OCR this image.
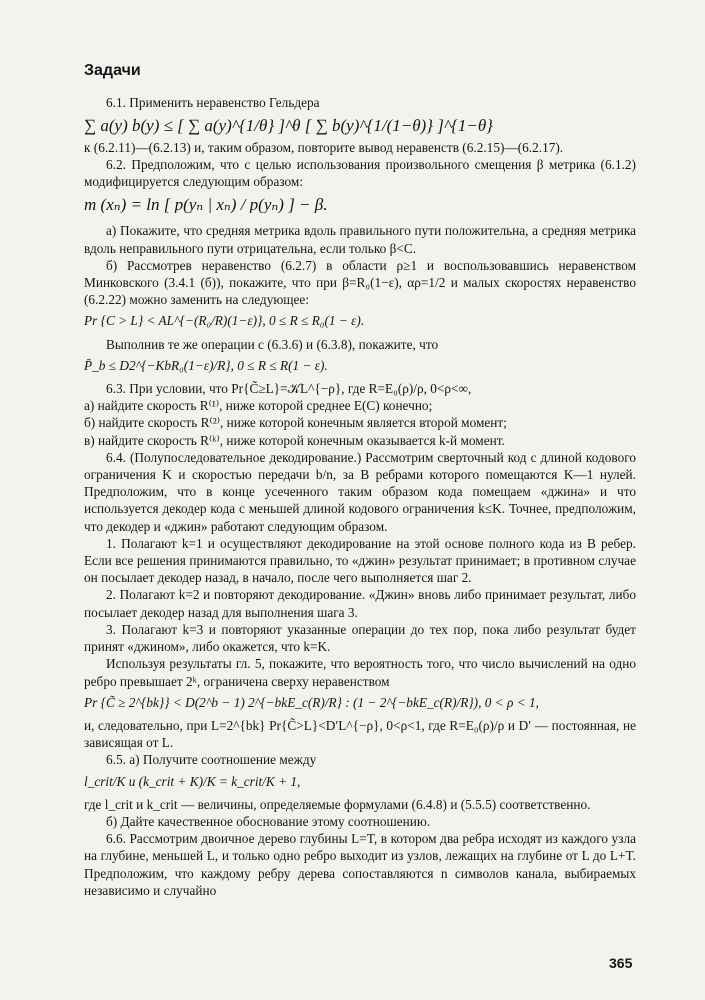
Задачи

6.1. Применить неравенство Гельдера

∑ a(y) b(y) ≤ [ ∑ a(y)^{1/θ} ]^θ [ ∑ b(y)^{1/(1−θ)} ]^{1−θ}

к (6.2.11)—(6.2.13) и, таким образом, повторите вывод неравенств (6.2.15)—(6.2.17).

6.2. Предположим, что с целью использования произвольного смещения β метрика (6.1.2) модифицируется следующим образом:

m (xₙ) = ln [ p(yₙ | xₙ) / p(yₙ) ] − β.

а) Покажите, что средняя метрика вдоль правильного пути положительна, а средняя метрика вдоль неправильного пути отрицательна, если только β<C.

б) Рассмотрев неравенство (6.2.7) в области ρ≥1 и воспользовавшись неравенством Минковского (3.4.1 (б)), покажите, что при β=R₀(1−ε), αρ=1/2 и малых скоростях неравенство (6.2.22) можно заменить на следующее:

Pr {C > L} < AL^{−(R₀/R)(1−ε)}, 0 ≤ R ≤ R₀(1 − ε).

Выполнив те же операции с (6.3.6) и (6.3.8), покажите, что

P̄_b ≤ D2^{−KbR₀(1−ε)/R}, 0 ≤ R ≤ R(1 − ε).

6.3. При условии, что Pr{C̃≥L}=𝒦L^{−ρ}, где R=E₀(ρ)/ρ, 0<ρ<∞,

а) найдите скорость R⁽¹⁾, ниже которой среднее E(C) конечно;

б) найдите скорость R⁽²⁾, ниже которой конечным является второй момент;

в) найдите скорость R⁽ᵏ⁾, ниже которой конечным оказывается k-й момент.

6.4. (Полупоследовательное декодирование.) Рассмотрим сверточный код с длиной кодового ограничения K и скоростью передачи b/n, за B ребрами которого помещаются K—1 нулей. Предположим, что в конце усеченного таким образом кода помещаем «джина» и что используется декодер кода с меньшей длиной кодового ограничения k≤K. Точнее, предположим, что декодер и «джин» работают следующим образом.

1. Полагают k=1 и осуществляют декодирование на этой основе полного кода из B ребер. Если все решения принимаются правильно, то «джин» результат принимает; в противном случае он посылает декодер назад, в начало, после чего выполняется шаг 2.

2. Полагают k=2 и повторяют декодирование. «Джин» вновь либо принимает результат, либо посылает декодер назад для выполнения шага 3.

3. Полагают k=3 и повторяют указанные операции до тех пор, пока либо результат будет принят «джином», либо окажется, что k=K.

Используя результаты гл. 5, покажите, что вероятность того, что число вычислений на одно ребро превышает 2ᵏ, ограничена сверху неравенством

Pr {C̃ ≥ 2^{bk}} < D(2^b − 1) 2^{−bkE_c(R)/R} : (1 − 2^{−bkE_c(R)/R}), 0 < ρ < 1,

и, следовательно, при L=2^{bk} Pr{C̃>L}<D′L^{−ρ}, 0<ρ<1, где R=E₀(ρ)/ρ и D′ — постоянная, не зависящая от L.

6.5. а) Получите соотношение между

l_crit/K и (k_crit + K)/K = k_crit/K + 1,

где l_crit и k_crit — величины, определяемые формулами (6.4.8) и (5.5.5) соответственно.

б) Дайте качественное обоснование этому соотношению.

6.6. Рассмотрим двоичное дерево глубины L=T, в котором два ребра исходят из каждого узла на глубине, меньшей L, и только одно ребро выходит из узлов, лежащих на глубине от L до L+T. Предположим, что каждому ребру дерева сопоставляются n символов канала, выбираемых независимо и случайно

365
